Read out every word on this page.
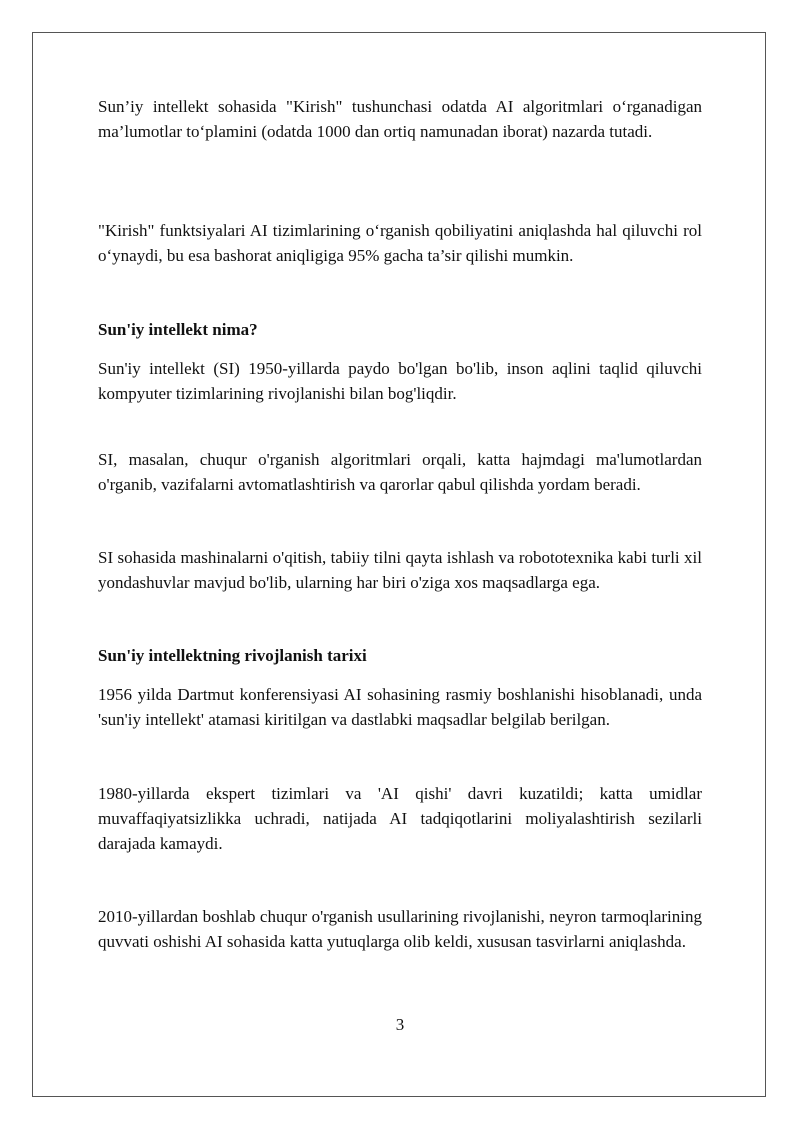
Sun’iy intellekt sohasida "Kirish" tushunchasi odatda AI algoritmlari o‘rganadigan ma’lumotlar to‘plamini (odatda 1000 dan ortiq namunadan iborat) nazarda tutadi.

"Kirish" funktsiyalari AI tizimlarining o‘rganish qobiliyatini aniqlashda hal qiluvchi rol o‘ynaydi, bu esa bashorat aniqligiga 95% gacha ta’sir qilishi mumkin.

Sun'iy intellekt nima?

Sun'iy intellekt (SI) 1950-yillarda paydo bo'lgan bo'lib, inson aqlini taqlid qiluvchi kompyuter tizimlarining rivojlanishi bilan bog'liqdir.

SI, masalan, chuqur o'rganish algoritmlari orqali, katta hajmdagi ma'lumotlardan o'rganib, vazifalarni avtomatlashtirish va qarorlar qabul qilishda yordam beradi.

SI sohasida mashinalarni o'qitish, tabiiy tilni qayta ishlash va robototexnika kabi turli xil yondashuvlar mavjud bo'lib, ularning har biri o'ziga xos maqsadlarga ega.

Sun'iy intellektning rivojlanish tarixi

1956 yilda Dartmut konferensiyasi AI sohasining rasmiy boshlanishi hisoblanadi, unda 'sun'iy intellekt' atamasi kiritilgan va dastlabki maqsadlar belgilab berilgan.

1980-yillarda ekspert tizimlari va 'AI qishi' davri kuzatildi; katta umidlar muvaffaqiyatsizlikka uchradi, natijada AI tadqiqotlarini moliyalashtirish sezilarli darajada kamaydi.

2010-yillardan boshlab chuqur o'rganish usullarining rivojlanishi, neyron tarmoqlarining quvvati oshishi AI sohasida katta yutuqlarga olib keldi, xususan tasvirlarni aniqlashda.

3
